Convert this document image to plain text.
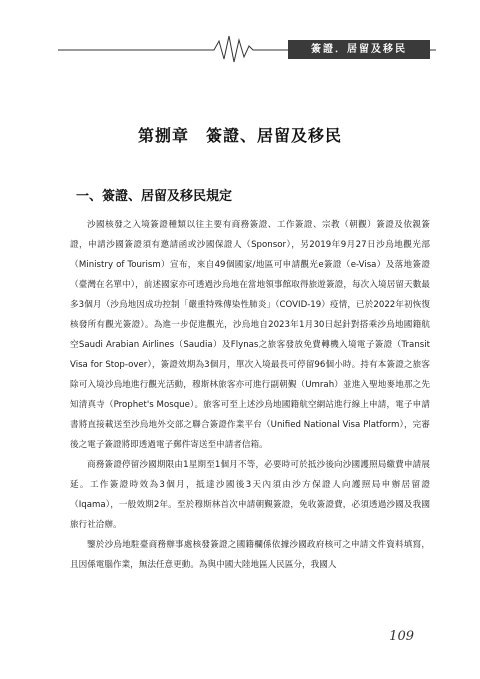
簽證．居留及移民
第捌章　簽證、居留及移民
一、簽證、居留及移民規定

沙國核發之入境簽證種類以往主要有商務簽證、工作簽證、宗教（朝觀）簽證及依親簽證，申請沙國簽證須有邀請函或沙國保證人（Sponsor），另2019年9月27日沙烏地觀光部（Ministry of Tourism）宣布，來自49個國家/地區可申請觀光e簽證（e-Visa）及落地簽證（臺灣在名單中），前述國家亦可透過沙烏地在當地領事館取得旅遊簽證，每次入境居留天數最多3個月（沙烏地因成功控制「嚴重特殊傳染性肺炎」（COVID-19）疫情，已於2022年初恢復核發所有觀光簽證）。為進一步促進觀光，沙烏地自2023年1月30日起針對搭乘沙烏地國籍航空Saudi Arabian Airlines（Saudia）及Flynas之旅客發放免費轉機入境電子簽證（Transit Visa for Stop-over），簽證效期為3個月，單次入境最長可停留96個小時。持有本簽證之旅客除可入境沙烏地進行觀光活動，穆斯林旅客亦可進行副朝覲（Umrah）並進入聖地麥地那之先知清真寺（Prophet's Mosque）。旅客可至上述沙烏地國籍航空網站進行線上申請，電子申請書將直接載送至沙烏地外交部之聯合簽證作業平台（Unified National Visa Platform），完審後之電子簽證將即透過電子郵件寄送至申請者信箱。

商務簽證停留沙國期限由1星期至1個月不等，必要時可於抵沙後向沙國護照局繳費申請展延。工作簽證時效為3個月，抵達沙國後3天內須由沙方保證人向護照局申辦居留證（Iqama），一般效期2年。至於穆斯林首次申請朝覲簽證，免收簽證費，必須透過沙國及我國旅行社洽辦。

鑒於沙烏地駐臺商務辦事處核發簽證之國籍欄係依據沙國政府核可之申請文件資料填寫，且因係電腦作業，無法任意更動。為與中國大陸地區人民區分，我國人

109
